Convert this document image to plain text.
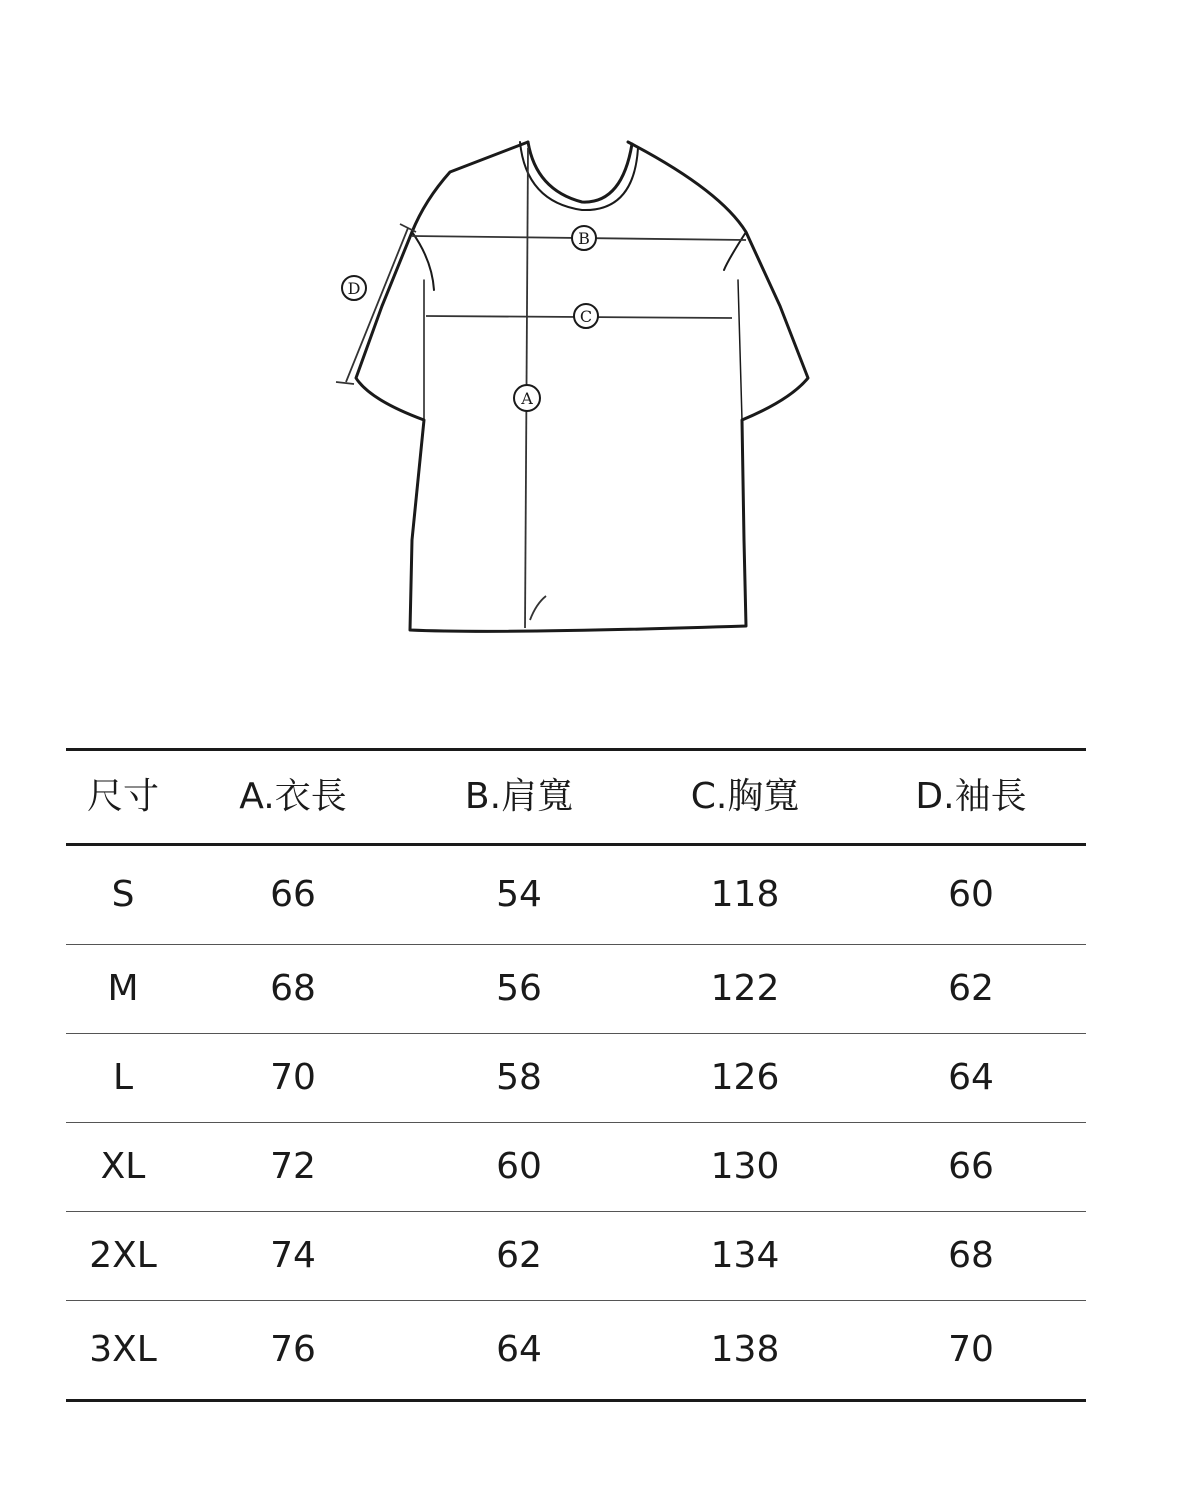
B
C
A
D
尺寸	A.衣長	B.肩寬	C.胸寬	D.袖長
S	66	54	118	60
M	68	56	122	62
L	70	58	126	64
XL	72	60	130	66
2XL	74	62	134	68
3XL	76	64	138	70
